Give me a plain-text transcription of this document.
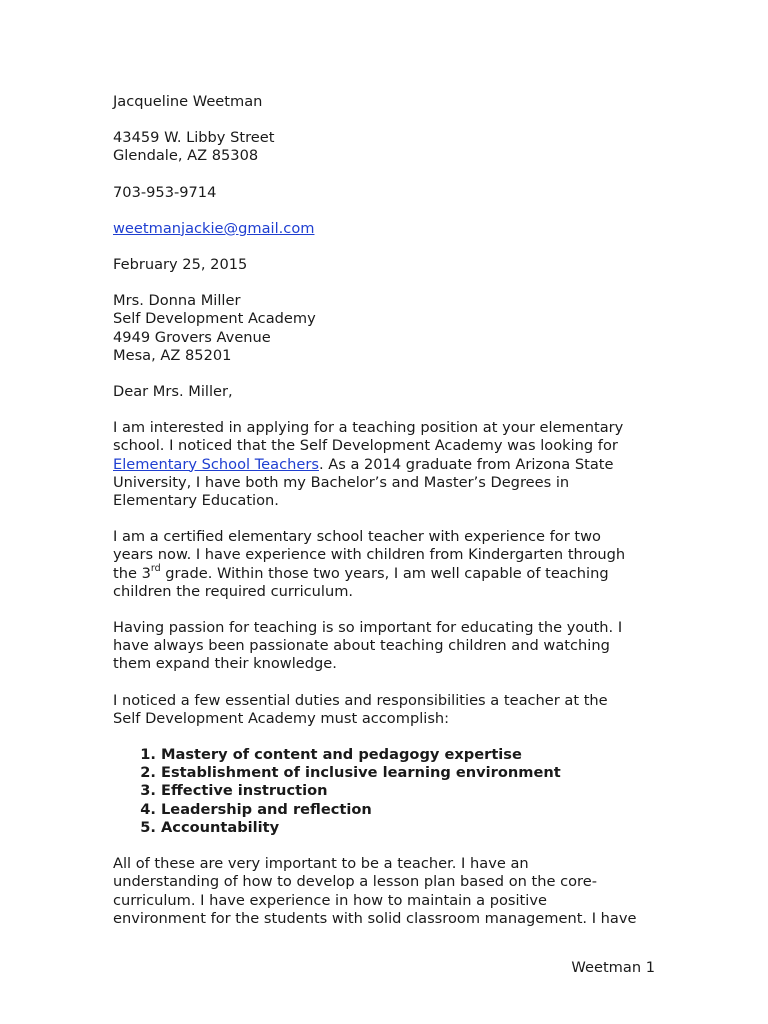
Jacqueline Weetman

43459 W. Libby Street

Glendale, AZ 85308

703-953-9714

weetmanjackie@gmail.com

February 25, 2015

Mrs. Donna Miller

Self Development Academy

4949 Grovers Avenue

Mesa, AZ 85201

Dear Mrs. Miller,

I am interested in applying for a teaching position at your elementary

school. I noticed that the Self Development Academy was looking for

Elementary School Teachers. As a 2014 graduate from Arizona State

University, I have both my Bachelor’s and Master’s Degrees in

Elementary Education.

I am a certified elementary school teacher with experience for two

years now. I have experience with children from Kindergarten through

the 3rd grade. Within those two years, I am well capable of teaching

children the required curriculum.

Having passion for teaching is so important for educating the youth. I

have always been passionate about teaching children and watching

them expand their knowledge.

I noticed a few essential duties and responsibilities a teacher at the

Self Development Academy must accomplish:

1. Mastery of content and pedagogy expertise
2. Establishment of inclusive learning environment
3. Effective instruction
4. Leadership and reflection
5. Accountability

All of these are very important to be a teacher. I have an

understanding of how to develop a lesson plan based on the core-

curriculum. I have experience in how to maintain a positive

environment for the students with solid classroom management. I have

Weetman 1
